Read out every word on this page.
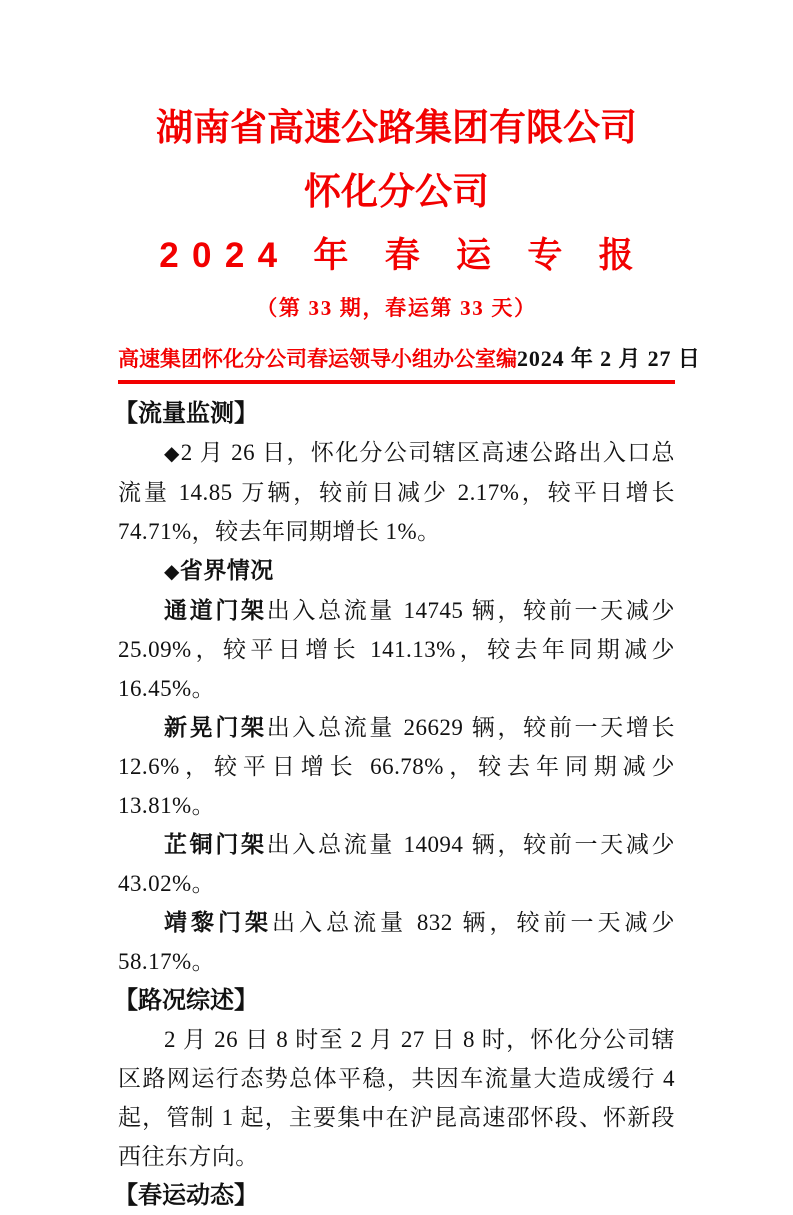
湖南省高速公路集团有限公司
怀化分公司
2024 年 春 运 专 报
（第 33 期，春运第 33 天）
高速集团怀化分公司春运领导小组办公室编 2024 年 2 月 27 日
【流量监测】

◆2 月 26 日，怀化分公司辖区高速公路出入口总流量 14.85 万辆，较前日减少 2.17%，较平日增长 74.71%，较去年同期增长 1%。

◆省界情况

通道门架出入总流量 14745 辆，较前一天减少 25.09%，较平日增长 141.13%，较去年同期减少 16.45%。

新晃门架出入总流量 26629 辆，较前一天增长 12.6%，较平日增长 66.78%，较去年同期减少 13.81%。

芷铜门架出入总流量 14094 辆，较前一天减少 43.02%。

靖黎门架出入总流量 832 辆，较前一天减少 58.17%。

【路况综述】

2 月 26 日 8 时至 2 月 27 日 8 时，怀化分公司辖区路网运行态势总体平稳，共因车流量大造成缓行 4 起，管制 1 起，主要集中在沪昆高速邵怀段、怀新段西往东方向。

【春运动态】
